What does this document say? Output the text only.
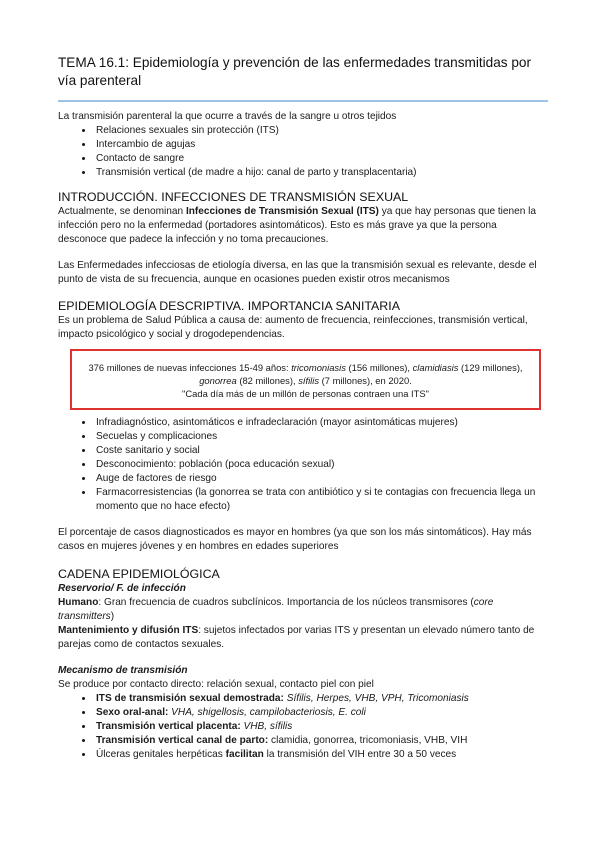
TEMA 16.1: Epidemiología y prevención de las enfermedades transmitidas por vía parenteral

La transmisión parenteral la que ocurre a través de la sangre u otros tejidos

• Relaciones sexuales sin protección (ITS)
• Intercambio de agujas
• Contacto de sangre
• Transmisión vertical (de madre a hijo: canal de parto y transplacentaria)
INTRODUCCIÓN. INFECCIONES DE TRANSMISIÓN SEXUAL

Actualmente, se denominan Infecciones de Transmisión Sexual (ITS) ya que hay personas que tienen la infección pero no la enfermedad (portadores asintomáticos). Esto es más grave ya que la persona desconoce que padece la infección y no toma precauciones.

Las Enfermedades infecciosas de etiología diversa, en las que la transmisión sexual es relevante, desde el punto de vista de su frecuencia, aunque en ocasiones pueden existir otros mecanismos

EPIDEMIOLOGÍA DESCRIPTIVA. IMPORTANCIA SANITARIA

Es un problema de Salud Pública a causa de: aumento de frecuencia, reinfecciones, transmisión vertical, impacto psicológico y social y drogodependencias.

376 millones de nuevas infecciones 15-49 años: tricomoniasis (156 millones), clamidiasis (129 millones), gonorrea (82 millones), sífilis (7 millones), en 2020.
"Cada día más de un millón de personas contraen una ITS"
• Infradiagnóstico, asintomáticos e infradeclaración (mayor asintomáticas mujeres)
• Secuelas y complicaciones
• Coste sanitario y social
• Desconocimiento: población (poca educación sexual)
• Auge de factores de riesgo
• Farmacorresistencias (la gonorrea se trata con antibiótico y si te contagias con frecuencia llega un momento que no hace efecto)

El porcentaje de casos diagnosticados es mayor en hombres (ya que son los más sintomáticos). Hay más casos en mujeres jóvenes y en hombres en edades superiores

CADENA EPIDEMIOLÓGICA

Reservorio/ F. de infección

Humano: Gran frecuencia de cuadros subclínicos. Importancia de los núcleos transmisores (core transmitters)

Mantenimiento y difusión ITS: sujetos infectados por varias ITS y presentan un elevado número tanto de parejas como de contactos sexuales.

Mecanismo de transmisión

Se produce por contacto directo: relación sexual, contacto piel con piel

• ITS de transmisión sexual demostrada: Sífilis, Herpes, VHB, VPH, Tricomoniasis
• Sexo oral-anal: VHA, shigellosis, campilobacteriosis, E. coli
• Transmisión vertical placenta: VHB, sífilis
• Transmisión vertical canal de parto: clamidia, gonorrea, tricomoniasis, VHB, VIH
• Úlceras genitales herpéticas facilitan la transmisión del VIH entre 30 a 50 veces
